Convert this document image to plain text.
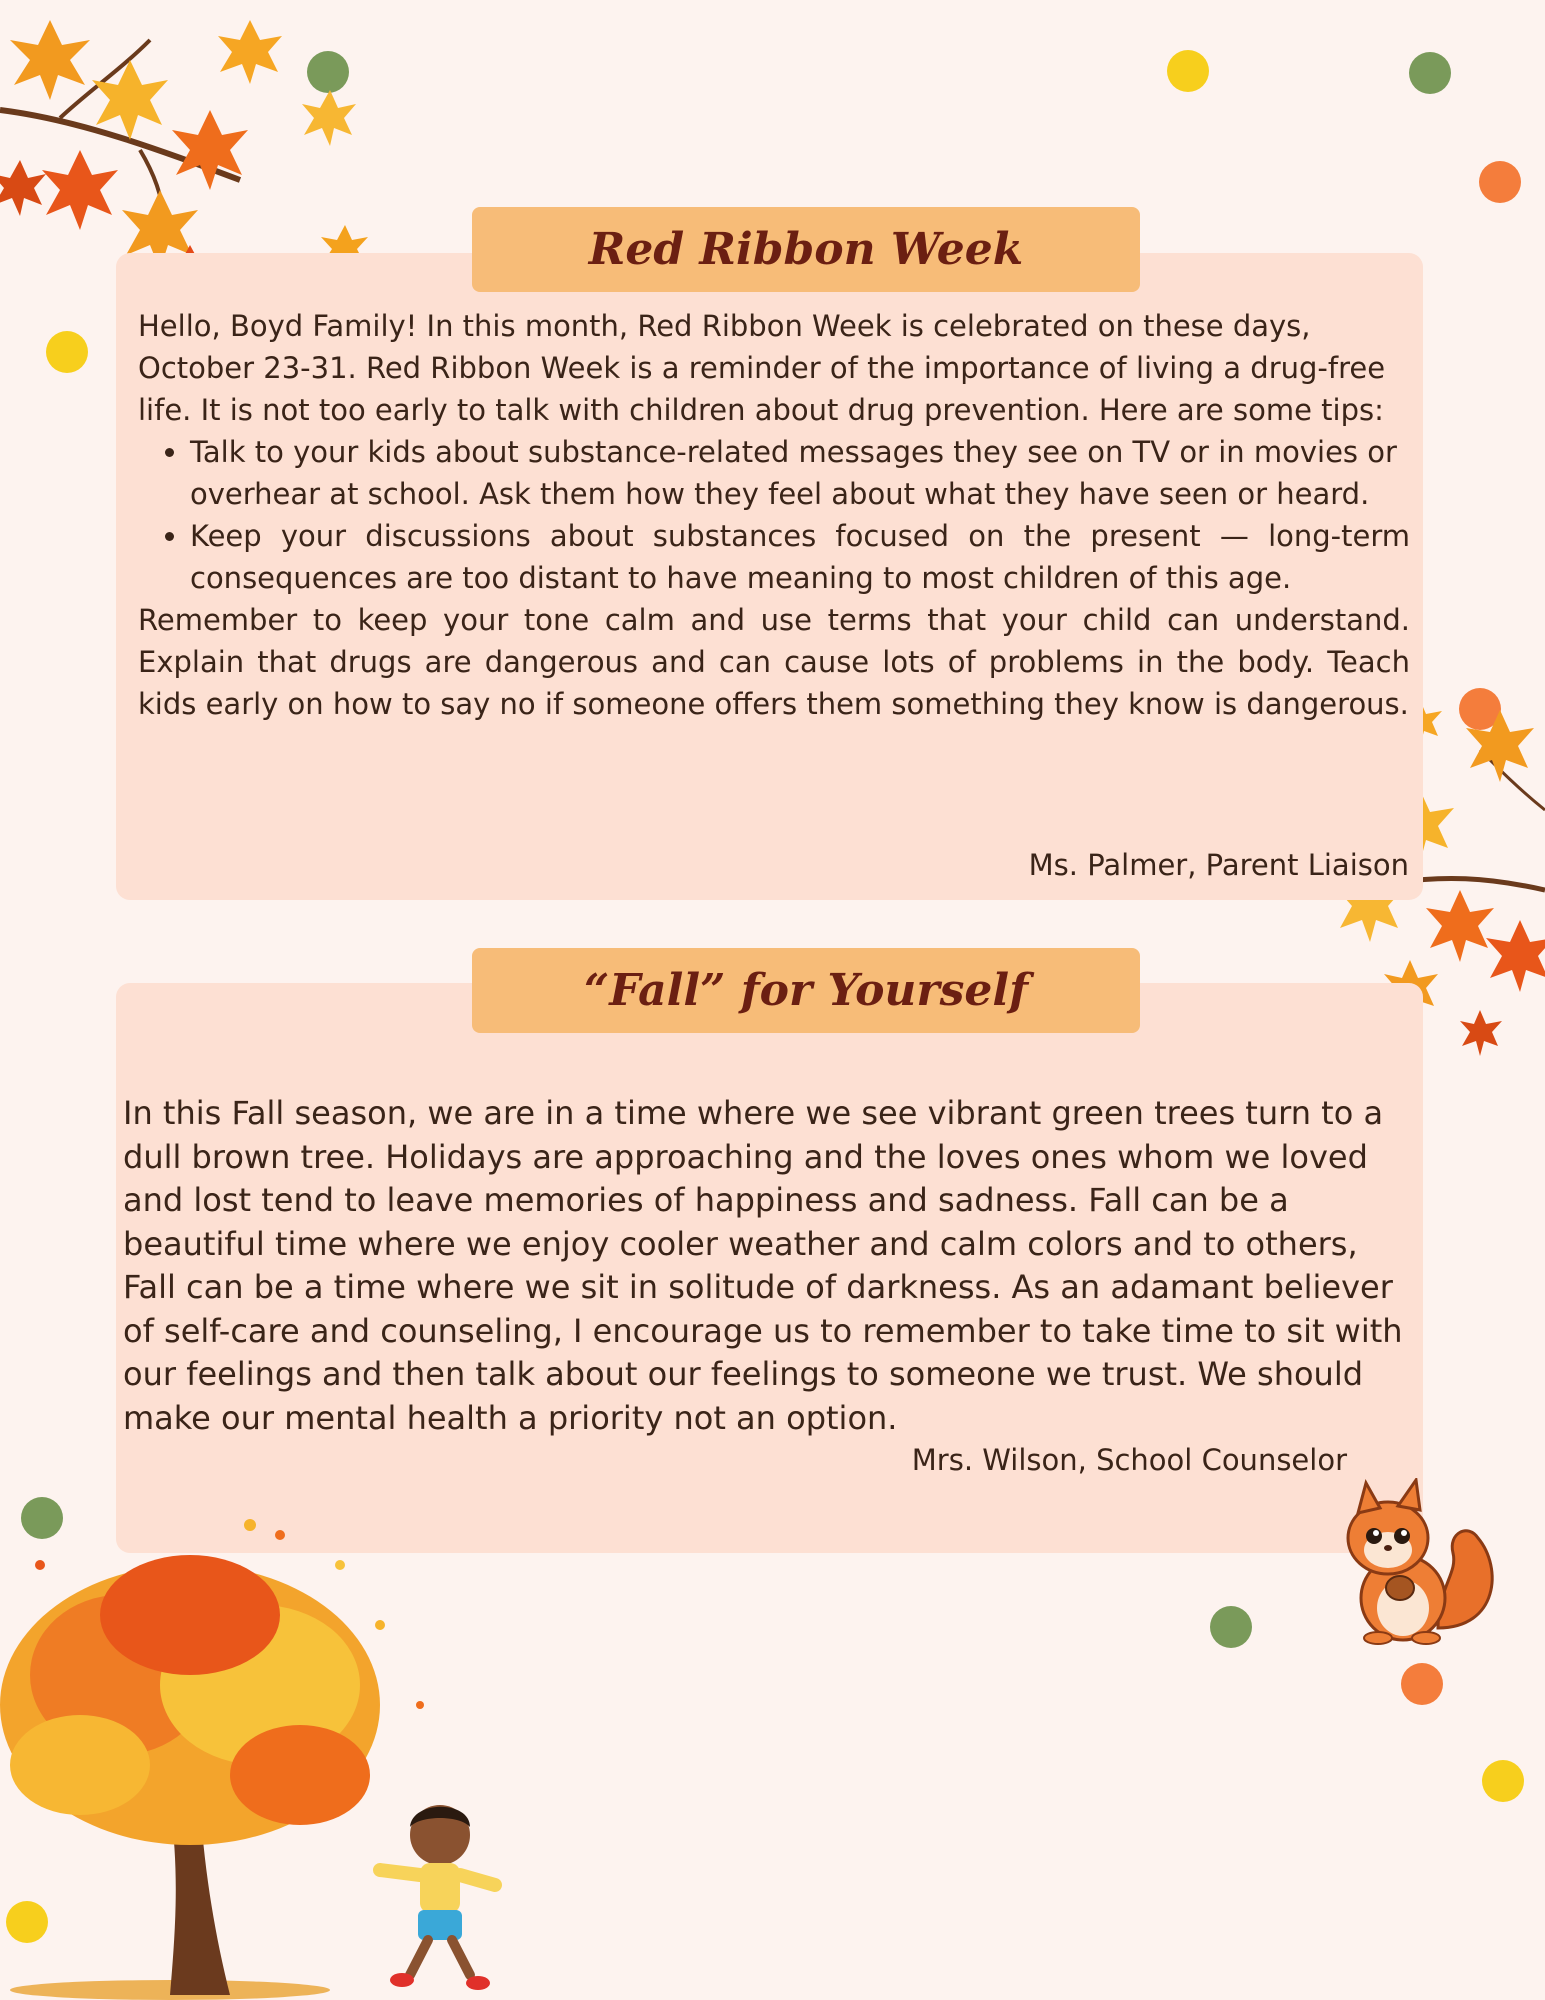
Red Ribbon Week

Hello, Boyd Family! In this month, Red Ribbon Week is celebrated on these days, October 23-31. Red Ribbon Week is a reminder of the importance of living a drug-free life. It is not too early to talk with children about drug prevention. Here are some tips:

• Talk to your kids about substance-related messages they see on TV or in movies or overhear at school. Ask them how they feel about what they have seen or heard.
• Keep your discussions about substances focused on the present — long-term consequences are too distant to have meaning to most children of this age.

Remember to keep your tone calm and use terms that your child can understand. Explain that drugs are dangerous and can cause lots of problems in the body. Teach kids early on how to say no if someone offers them something they know is dangerous.

Ms. Palmer, Parent Liaison
“Fall” for Yourself

In this Fall season, we are in a time where we see vibrant green trees turn to a dull brown tree. Holidays are approaching and the loves ones whom we loved and lost tend to leave memories of happiness and sadness. Fall can be a beautiful time where we enjoy cooler weather and calm colors and to others, Fall can be a time where we sit in solitude of darkness. As an adamant believer of self-care and counseling, I encourage us to remember to take time to sit with our feelings and then talk about our feelings to someone we trust. We should make our mental health a priority not an option.

Mrs. Wilson, School Counselor
